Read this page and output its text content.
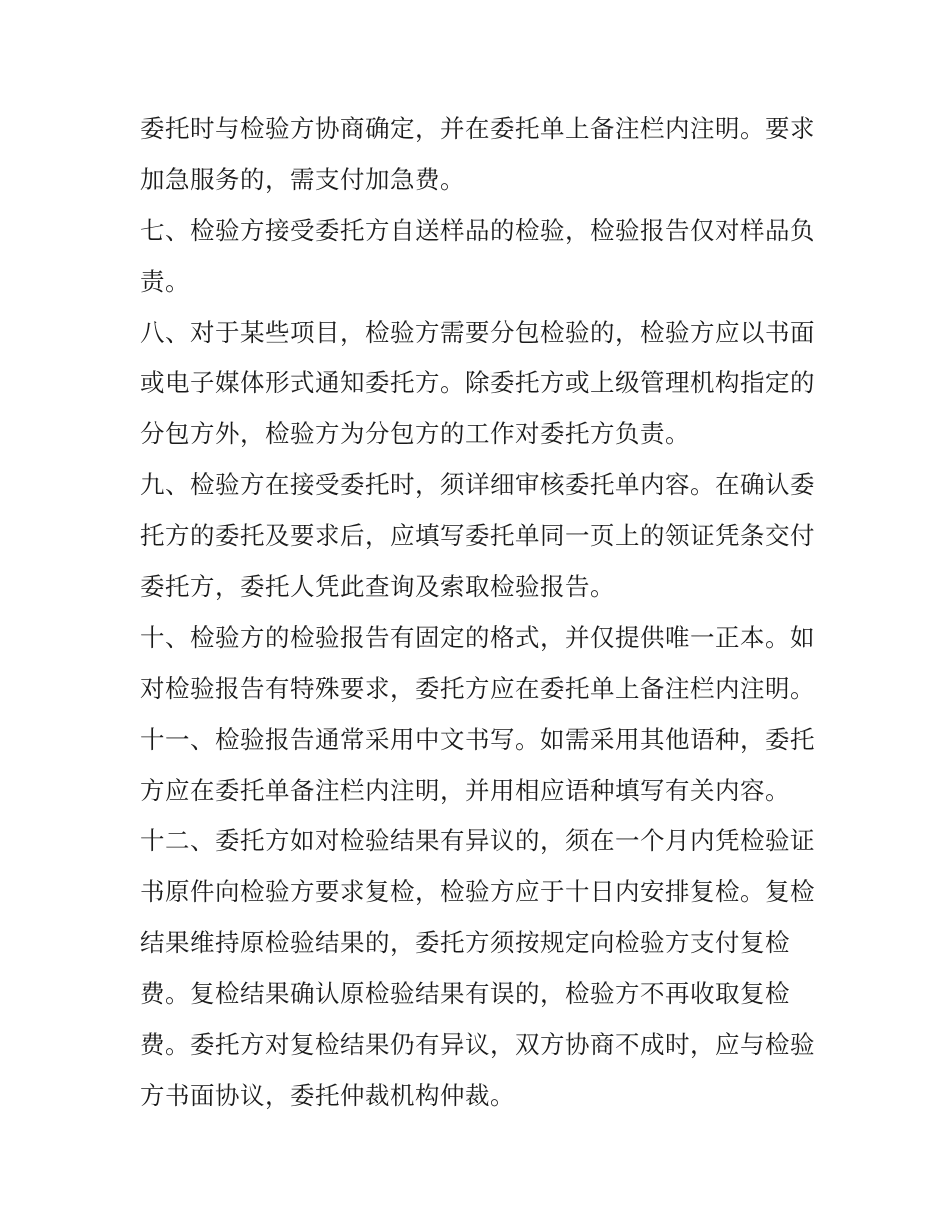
委托时与检验方协商确定，并在委托单上备注栏内注明。要求
加急服务的，需支付加急费。
七、检验方接受委托方自送样品的检验，检验报告仅对样品负
责。
八、对于某些项目，检验方需要分包检验的，检验方应以书面
或电子媒体形式通知委托方。除委托方或上级管理机构指定的
分包方外，检验方为分包方的工作对委托方负责。
九、检验方在接受委托时，须详细审核委托单内容。在确认委
托方的委托及要求后，应填写委托单同一页上的领证凭条交付
委托方，委托人凭此查询及索取检验报告。
十、检验方的检验报告有固定的格式，并仅提供唯一正本。如
对检验报告有特殊要求，委托方应在委托单上备注栏内注明。
十一、检验报告通常采用中文书写。如需采用其他语种，委托
方应在委托单备注栏内注明，并用相应语种填写有关内容。
十二、委托方如对检验结果有异议的，须在一个月内凭检验证
书原件向检验方要求复检，检验方应于十日内安排复检。复检
结果维持原检验结果的，委托方须按规定向检验方支付复检
费。复检结果确认原检验结果有误的，检验方不再收取复检
费。委托方对复检结果仍有异议，双方协商不成时，应与检验
方书面协议，委托仲裁机构仲裁。
